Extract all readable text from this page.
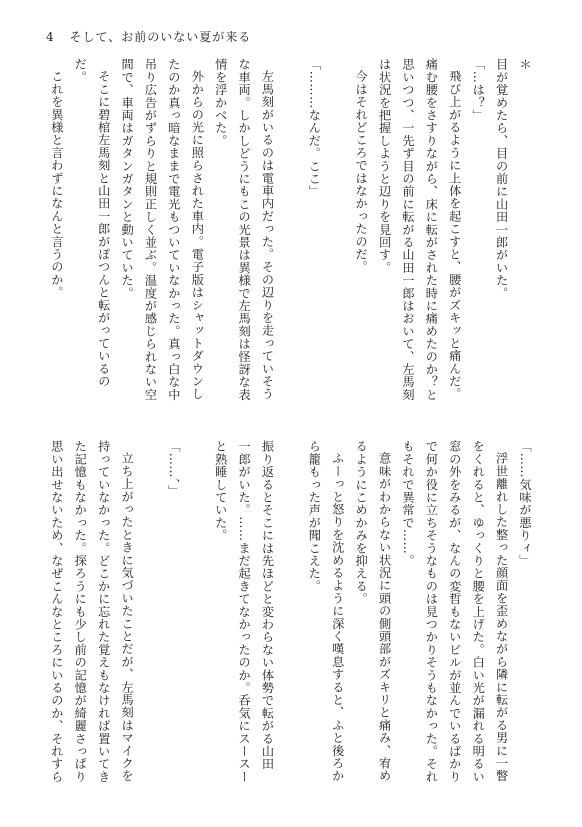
4 そして、お前のいない夏が来る
＊
目が覚めたら、目の前に山田一郎がいた。
「…は？」
飛び上がるように上体を起こすと、腰がズキッと痛んだ。
痛む腰をさすりながら、床に転がされた時に痛めたのか？と
思いつつ、一先ず目の前に転がる山田一郎はおいて、左馬刻
は状況を把握しようと辺りを見回す。
今はそれどころではなかったのだ。
「………なんだ。ここ」
左馬刻がいるのは電車内だった。その辺りを走っていそう
な車両。しかしどうにもこの光景は異様で左馬刻は怪訝な表
情を浮かべた。
外からの光に照らされた車内。電子版はシャットダウンし
たのか真っ暗なままで電光もついていなかった。真っ白な中
吊り広告がずらりと規則正しく並ぶ。温度が感じられない空
間で、車両はガタンガタンと動いていた。
そこに碧棺左馬刻と山田一郎がぽつんと転がっているの
だ。
これを異様と言わずになんと言うのか。
「……気味が悪りィ」
浮世離れした整った顔面を歪めながら隣に転がる男に一瞥
をくれると、ゆっくりと腰を上げた。白い光が漏れる明るい
窓の外をみるが、なんの変哲もないビルが並んでいるばかり
で何か役に立ちそうなものは見つかりそうもなかった。それ
もそれで異常で……。
意味がわからない状況に頭の側頭部がズキリと痛み、宥め
るようにこめかみを抑える。
ふーっと怒りを沈めるように深く嘆息すると、ふと後ろか
ら籠もった声が聞こえた。
振り返るとそこには先ほどと変わらない体勢で転がる山田
一郎がいた。……まだ起きてなかったのか。呑気にスースー
と熟睡していた。
「……、」
立ち上がったときに気づいたことだが、左馬刻はマイクを
持っていなかった。どこかに忘れた覚えもなければ置いてき
た記憶もなかった。探ろうにも少し前の記憶が綺麗さっぱり
思い出せないため、なぜこんなところにいるのか、それすら
